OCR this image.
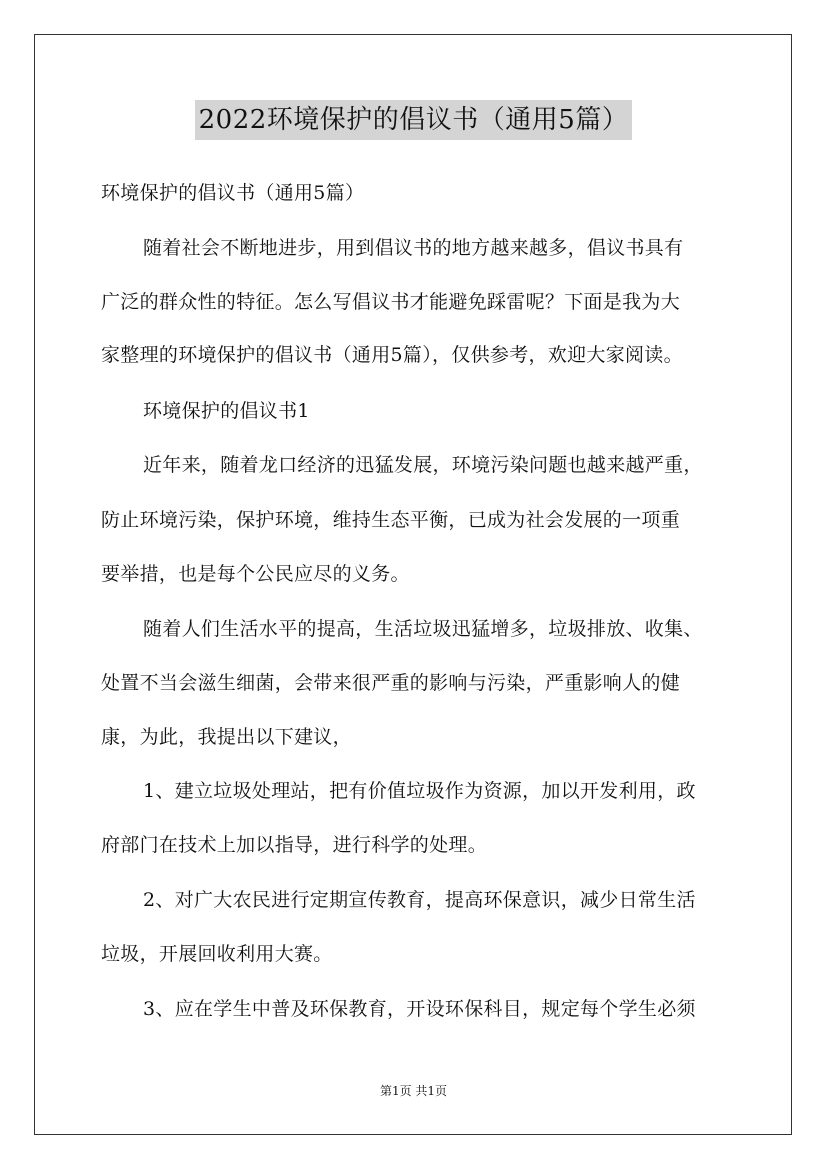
2022环境保护的倡议书（通用5篇）
环境保护的倡议书（通用5篇）
随着社会不断地进步，用到倡议书的地方越来越多，倡议书具有
广泛的群众性的特征。怎么写倡议书才能避免踩雷呢？下面是我为大
家整理的环境保护的倡议书（通用5篇），仅供参考，欢迎大家阅读。
环境保护的倡议书1
近年来，随着龙口经济的迅猛发展，环境污染问题也越来越严重，
防止环境污染，保护环境，维持生态平衡，已成为社会发展的一项重
要举措，也是每个公民应尽的义务。
随着人们生活水平的提高，生活垃圾迅猛增多，垃圾排放、收集、
处置不当会滋生细菌，会带来很严重的影响与污染，严重影响人的健
康，为此，我提出以下建议，
1、建立垃圾处理站，把有价值垃圾作为资源，加以开发利用，政
府部门在技术上加以指导，进行科学的处理。
2、对广大农民进行定期宣传教育，提高环保意识，减少日常生活
垃圾，开展回收利用大赛。
3、应在学生中普及环保教育，开设环保科目，规定每个学生必须
第1页 共1页
